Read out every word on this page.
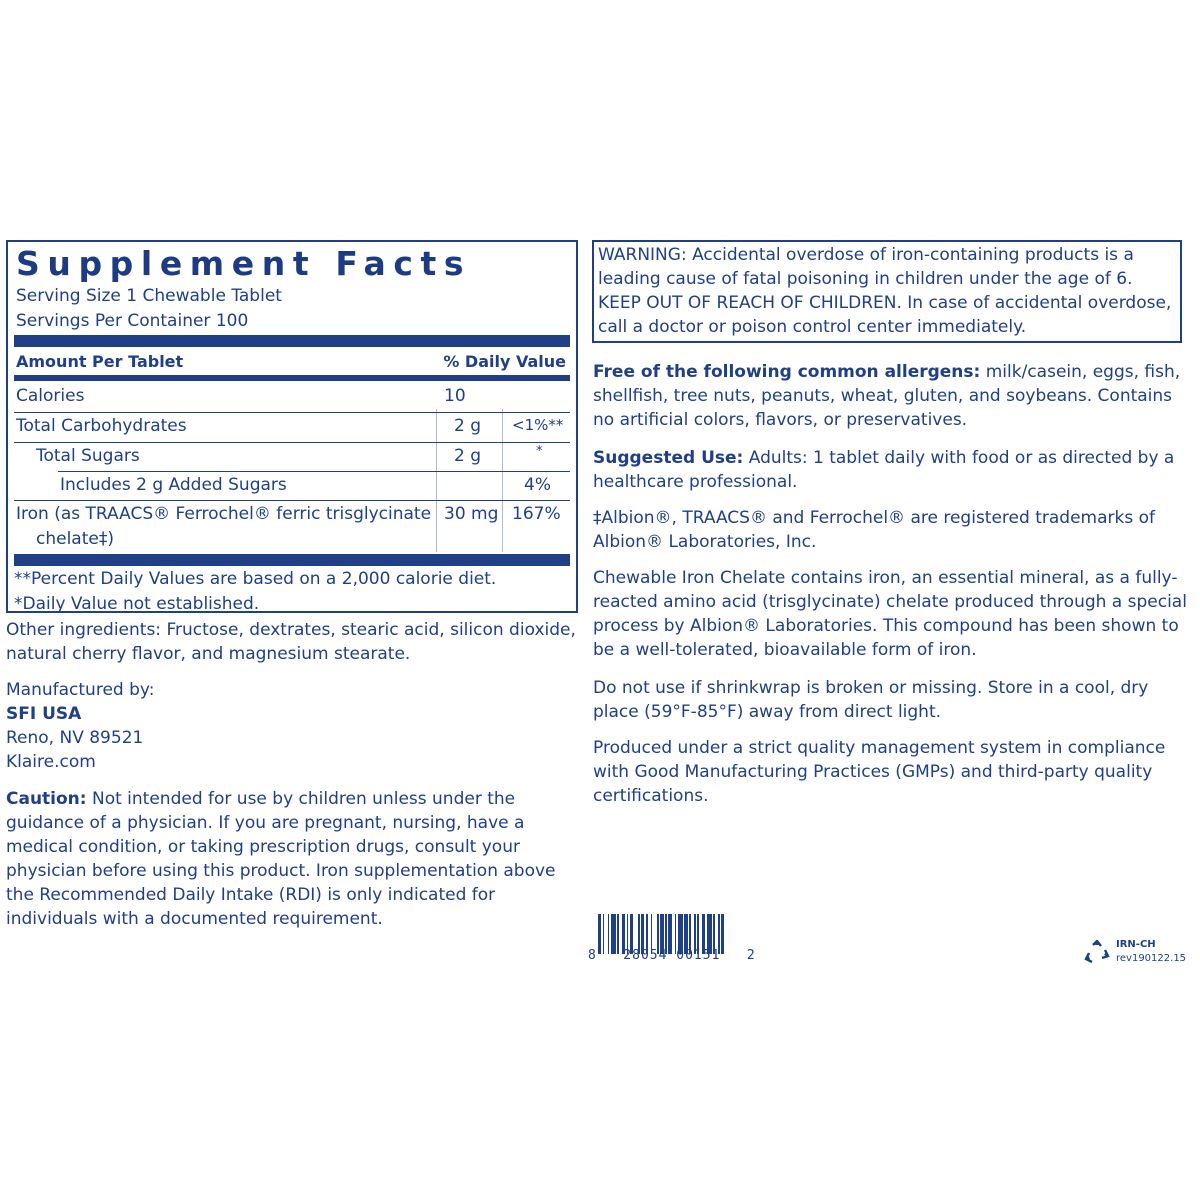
Supplement Facts
Serving Size 1 Chewable Tablet
Servings Per Container 100
Amount Per Tablet	% Daily Value
Calories	10
Total Carbohydrates	2 g <1%**
Total Sugars	2 g	*
Includes 2 g Added Sugars	4%
Iron (as TRAACS® Ferrochel® ferric trisglycinate
chelate‡)
30 mg 167%
**Percent Daily Values are based on a 2,000 calorie diet.
*Daily Value not established.
Other ingredients: Fructose, dextrates, stearic acid, silicon dioxide, natural cherry flavor, and magnesium stearate.
Manufactured by:
SFI USA
Reno, NV 89521
Klaire.com
Caution: Not intended for use by children unless under the guidance of a physician. If you are pregnant, nursing, have a medical condition, or taking prescription drugs, consult your physician before using this product. Iron supplementation above the Recommended Daily Intake (RDI) is only indicated for individuals with a documented requirement.
WARNING: Accidental overdose of iron-containing products is a leading cause of fatal poisoning in children under the age of 6. KEEP OUT OF REACH OF CHILDREN. In case of accidental overdose, call a doctor or poison control center immediately.
Free of the following common allergens: milk/casein, eggs, fish, shellfish, tree nuts, peanuts, wheat, gluten, and soybeans. Contains no artificial colors, flavors, or preservatives.
Suggested Use: Adults: 1 tablet daily with food or as directed by a healthcare professional.
‡Albion®, TRAACS® and Ferrochel® are registered trademarks of Albion® Laboratories, Inc.
Chewable Iron Chelate contains iron, an essential mineral, as a fully-reacted amino acid (trisglycinate) chelate produced through a special process by Albion® Laboratories. This compound has been shown to be a well-tolerated, bioavailable form of iron.
Do not use if shrinkwrap is broken or missing. Store in a cool, dry place (59°F-85°F) away from direct light.
Produced under a strict quality management system in compliance with Good Manufacturing Practices (GMPs) and third-party quality certifications.
8   28054 00151   2
IRN-CH
rev190122.15
